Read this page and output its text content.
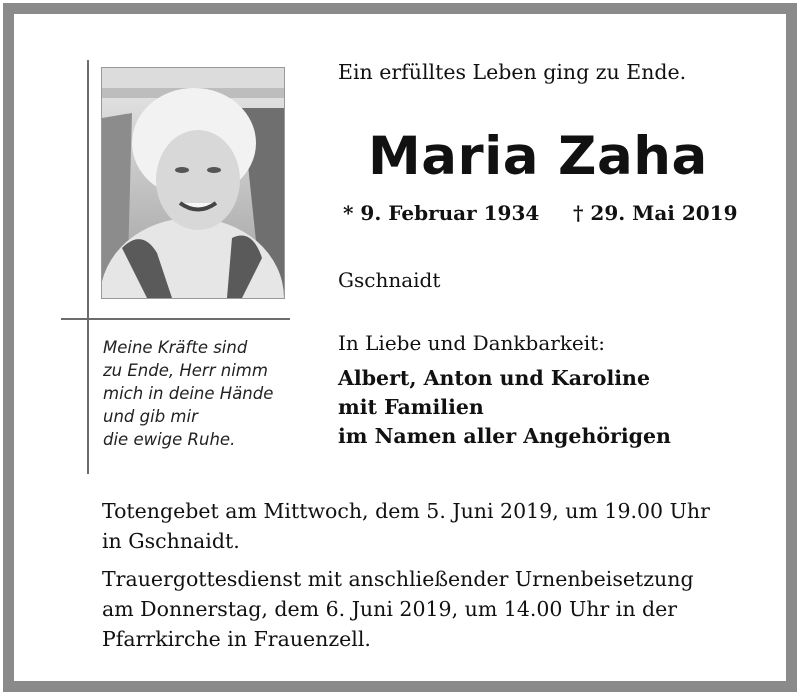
Meine Kräfte sind
zu Ende, Herr nimm
mich in deine Hände
und gib mir
die ewige Ruhe.
Ein erfülltes Leben ging zu Ende.
Maria Zaha
* 9. Februar 1934 † 29. Mai 2019
Gschnaidt
In Liebe und Dankbarkeit:
Albert, Anton und Karoline
mit Familien
im Namen aller Angehörigen
Totengebet am Mittwoch, dem 5. Juni 2019, um 19.00 Uhr
in Gschnaidt.
Trauergottesdienst mit anschließender Urnenbeisetzung
am Donnerstag, dem 6. Juni 2019, um 14.00 Uhr in der
Pfarrkirche in Frauenzell.
